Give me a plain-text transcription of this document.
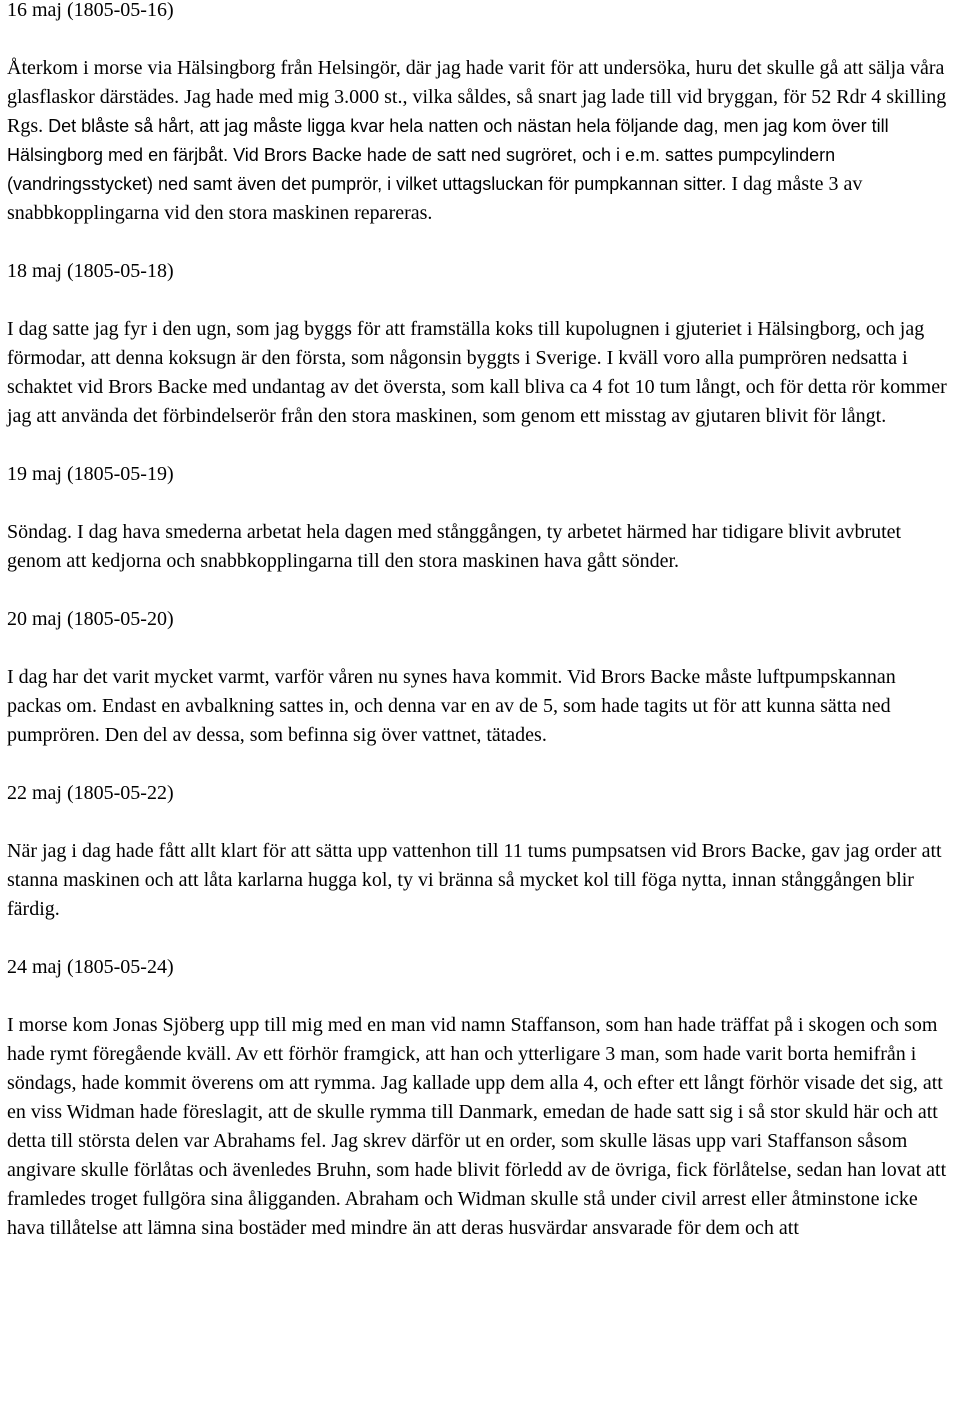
16 maj (1805-05-16)

Återkom i morse via Hälsingborg från Helsingör, där jag hade varit för att undersöka, huru det skulle gå att sälja våra glasflaskor därstädes. Jag hade med mig 3.000 st., vilka såldes, så snart jag lade till vid bryggan, för 52 Rdr 4 skilling Rgs. Det blåste så hårt, att jag måste ligga kvar hela natten och nästan hela följande dag, men jag kom över till Hälsingborg med en färjbåt. Vid Brors Backe hade de satt ned sugröret, och i e.m. sattes pumpcylindern (vandringsstycket) ned samt även det pumprör, i vilket uttagsluckan för pumpkannan sitter. I dag måste 3 av snabbkopplingarna vid den stora maskinen repareras.

18 maj (1805-05-18)

I dag satte jag fyr i den ugn, som jag byggs för att framställa koks till kupolugnen i gjuteriet i Hälsingborg, och jag förmodar, att denna koksugn är den första, som någonsin byggts i Sverige. I kväll voro alla pumprören nedsatta i schaktet vid Brors Backe med undantag av det översta, som kall bliva ca 4 fot 10 tum långt, och för detta rör kommer jag att använda det förbindelserör från den stora maskinen, som genom ett misstag av gjutaren blivit för långt.

19 maj (1805-05-19)

Söndag. I dag hava smederna arbetat hela dagen med stånggången, ty arbetet härmed har tidigare blivit avbrutet genom att kedjorna och snabbkopplingarna till den stora maskinen hava gått sönder.

20 maj (1805-05-20)

I dag har det varit mycket varmt, varför våren nu synes hava kommit. Vid Brors Backe måste luftpumpskannan packas om. Endast en avbalkning sattes in, och denna var en av de 5, som hade tagits ut för att kunna sätta ned pumprören. Den del av dessa, som befinna sig över vattnet, tätades.

22 maj (1805-05-22)

När jag i dag hade fått allt klart för att sätta upp vattenhon till 11 tums pumpsatsen vid Brors Backe, gav jag order att stanna maskinen och att låta karlarna hugga kol, ty vi bränna så mycket kol till föga nytta, innan stånggången blir färdig.

24 maj (1805-05-24)

I morse kom Jonas Sjöberg upp till mig med en man vid namn Staffanson, som han hade träffat på i skogen och som hade rymt föregående kväll. Av ett förhör framgick, att han och ytterligare 3 man, som hade varit borta hemifrån i söndags, hade kommit överens om att rymma. Jag kallade upp dem alla 4, och efter ett långt förhör visade det sig, att en viss Widman hade föreslagit, att de skulle rymma till Danmark, emedan de hade satt sig i så stor skuld här och att detta till största delen var Abrahams fel. Jag skrev därför ut en order, som skulle läsas upp vari Staffanson såsom angivare skulle förlåtas och ävenledes Bruhn, som hade blivit förledd av de övriga, fick förlåtelse, sedan han lovat att framledes troget fullgöra sina åligganden. Abraham och Widman skulle stå under civil arrest eller åtminstone icke hava tillåtelse att lämna sina bostäder med mindre än att deras husvärdar ansvarade för dem och att
